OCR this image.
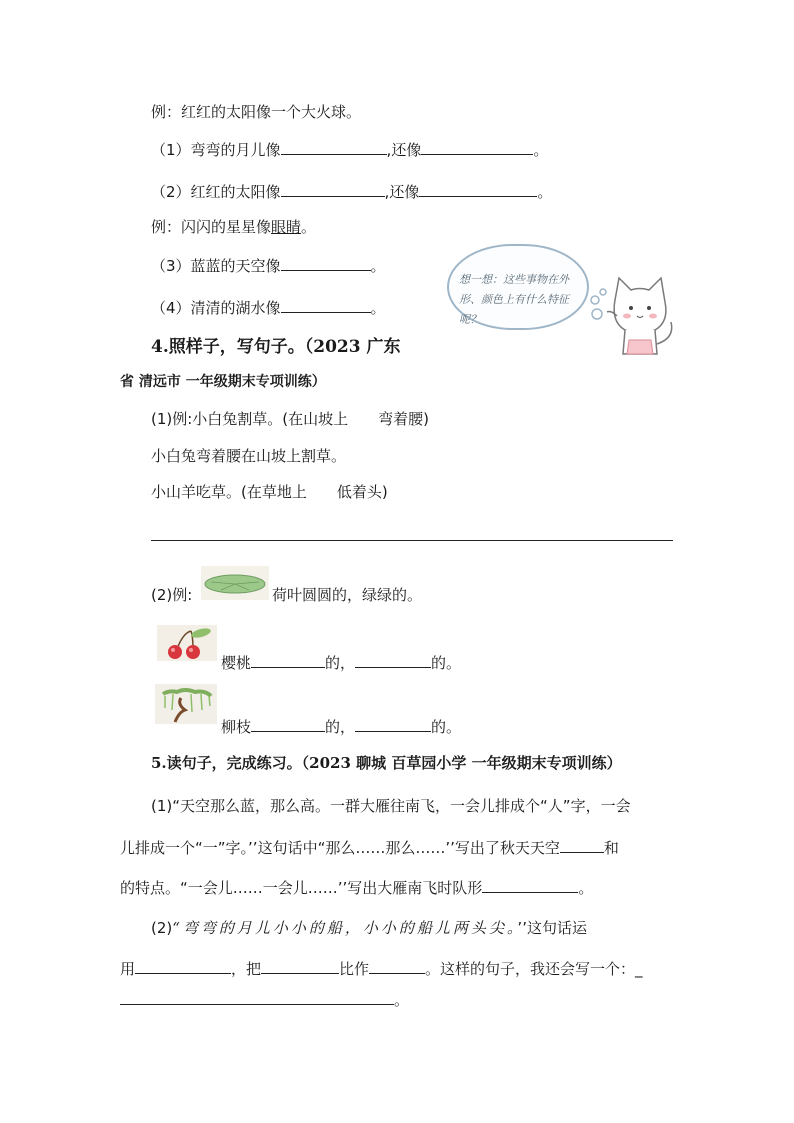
例：红红的太阳像一个大火球。
（1）弯弯的月儿像	,还像	。
（2）红红的太阳像	,还像	。
例：闪闪的星星像眼睛。
（3）蓝蓝的天空像	。
（4）清清的湖水像	。
想一想：这些事物在外形、颜色上有什么特征呢？
4.照样子，写句子。（2023 广东
省 清远市 一年级期末专项训练）
(1)例:小白兔割草。(在山坡上　　弯着腰)
小白兔弯着腰在山坡上割草。
小山羊吃草。(在草地上　　低着头)
(2)例:	荷叶圆圆的，绿绿的。
樱桃	的，	的。
柳枝	的，	的。
5.读句子，完成练习。（2023 聊城 百草园小学 一年级期末专项训练）
(1)“天空那么蓝，那么高。一群大雁往南飞，一会儿排成个“人”字，一会
儿排成一个“一”字。’’这句话中“那么……那么……’’写出了秋天天空	和
的特点。“一会儿……一会儿……’’写出大雁南飞时队形	。
(2)“弯弯的月儿小小的船，小小的船儿两头尖。’’这句话运
用	，把	比作	。这样的句子，我还会写一个：_
。
